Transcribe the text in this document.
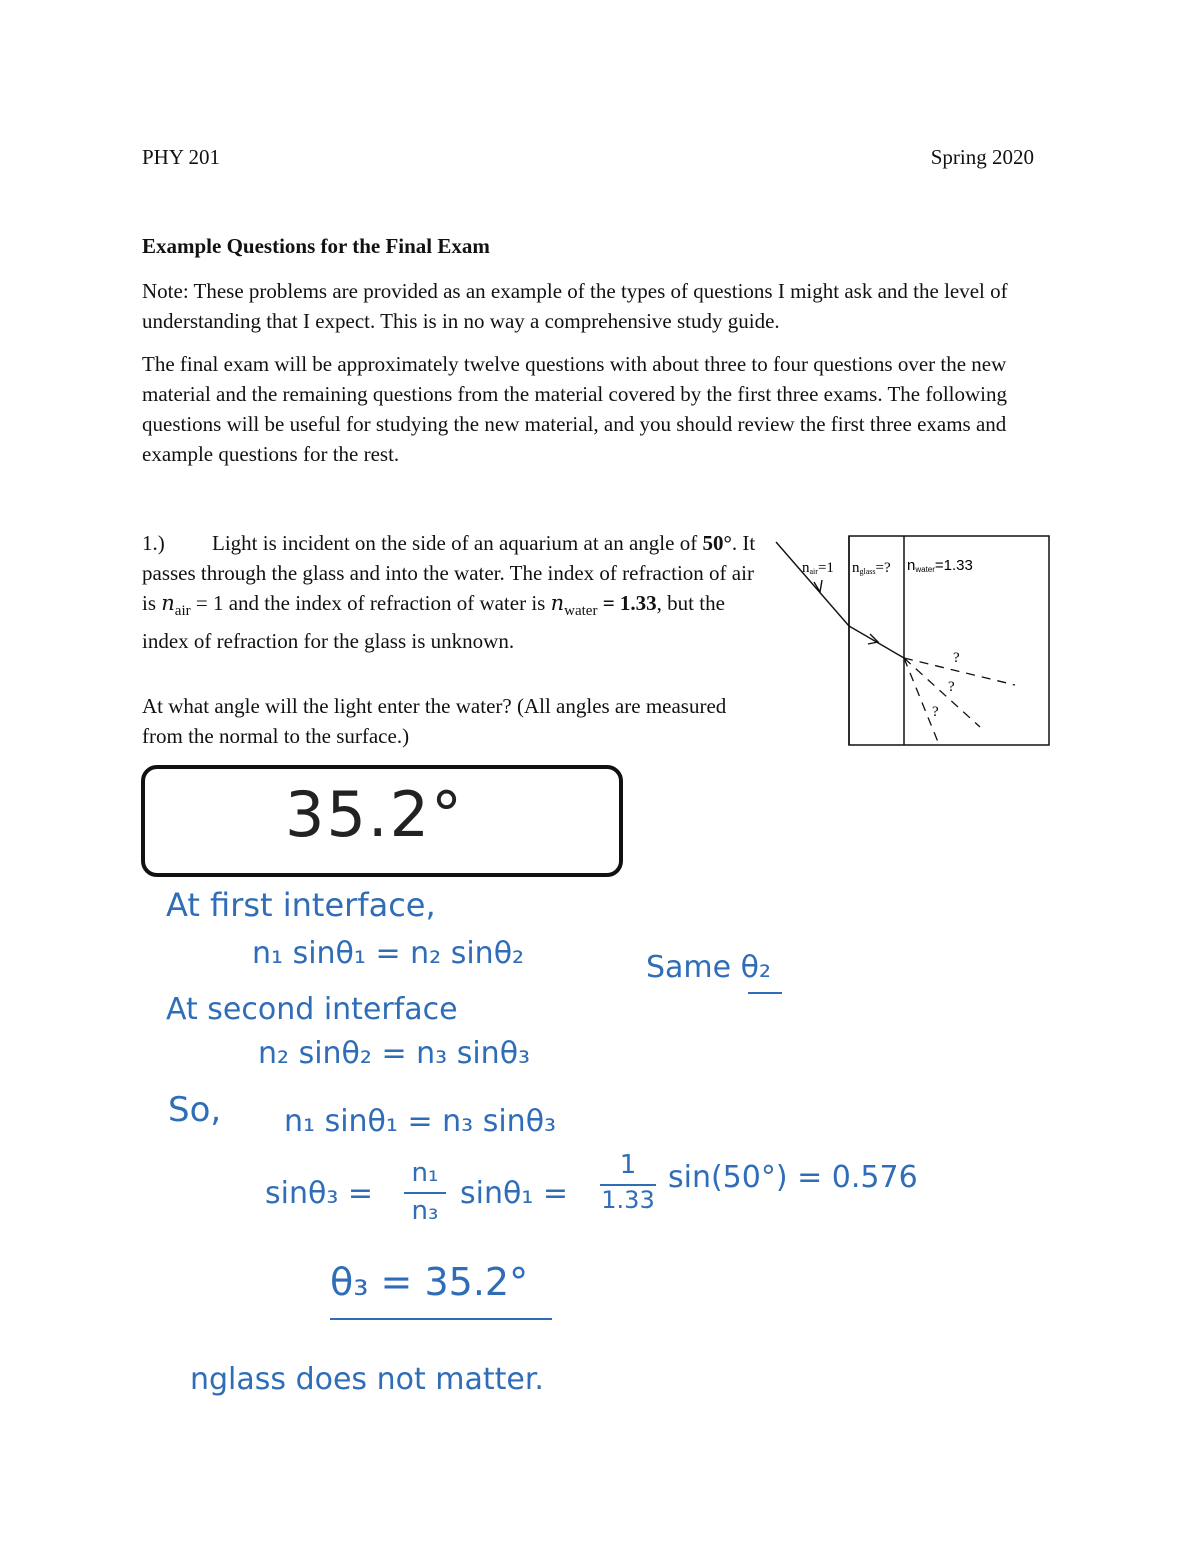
PHY 201	Spring 2020
Example Questions for the Final Exam
Note: These problems are provided as an example of the types of questions I might ask and the level of understanding that I expect. This is in no way a comprehensive study guide.
The final exam will be approximately twelve questions with about three to four questions over the new material and the remaining questions from the material covered by the first three exams. The following questions will be useful for studying the new material, and you should review the first three exams and example questions for the rest.
1.)	Light is incident on the side of an aquarium at an angle of 50°. It passes through the glass and into the water. The index of refraction of air is $n_{air} = 1$ and the index of refraction of water is $n_{water} = 1.33$, but the index of refraction for the glass is unknown.
At what angle will the light enter the water? (All angles are measured from the normal to the surface.)
nair=1 nglass=? nwater=1.33
?
?
?
35.2°
At first interface,
n₁ sinθ₁ = n₂ sinθ₂	Same θ₂
At second interface
n₂ sinθ₂ = n₃ sinθ₃
So, n₁ sinθ₁ = n₃ sinθ₃
sinθ₃ =
n₁
n₃ sinθ₁ =
1
1.33
sin(50°) = 0.576
θ₃ = 35.2°
nglass does not matter.
